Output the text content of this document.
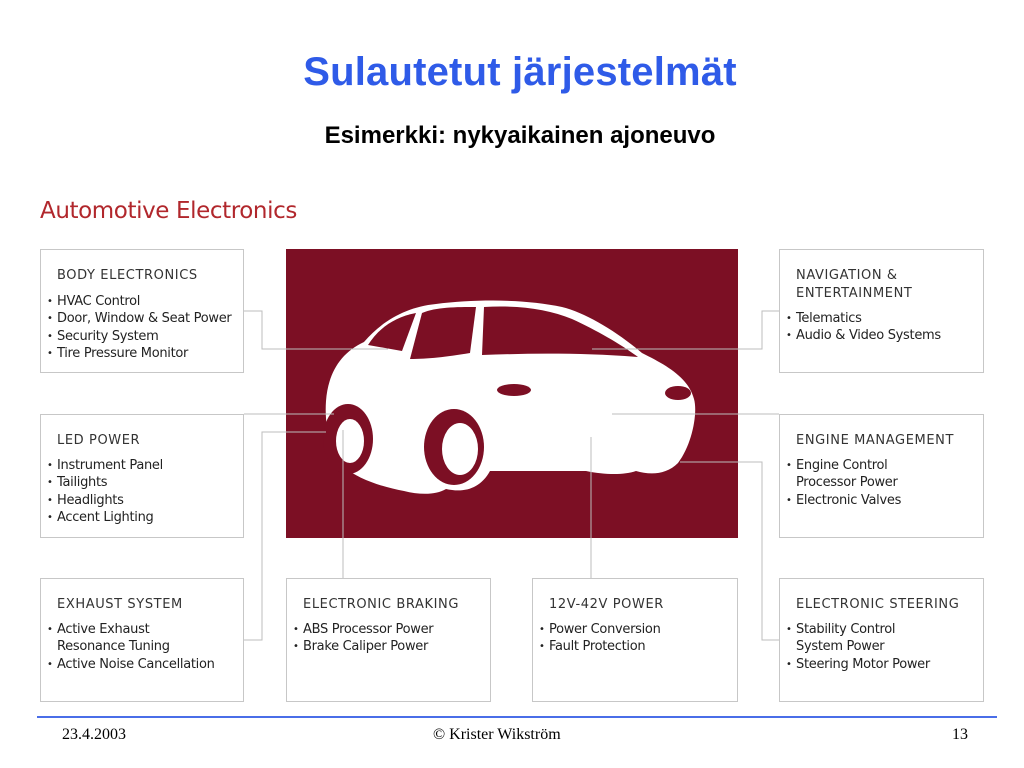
Sulautetut järjestelmät
Esimerkki: nykyaikainen ajoneuvo
Automotive Electronics
BODY ELECTRONICS
• HVAC Control
• Door, Window & Seat Power
• Security System
• Tire Pressure Monitor
NAVIGATION &
ENTERTAINMENT
• Telematics
• Audio & Video Systems
LED POWER
• Instrument Panel
• Tailights
• Headlights
• Accent Lighting
ENGINE MANAGEMENT
• Engine Control
Processor Power
• Electronic Valves
EXHAUST SYSTEM
• Active Exhaust
Resonance Tuning
• Active Noise Cancellation
ELECTRONIC BRAKING
• ABS Processor Power
• Brake Caliper Power
12V-42V POWER
• Power Conversion
• Fault Protection
ELECTRONIC STEERING
• Stability Control
System Power
• Steering Motor Power
23.4.2003	© Krister Wikström	13
